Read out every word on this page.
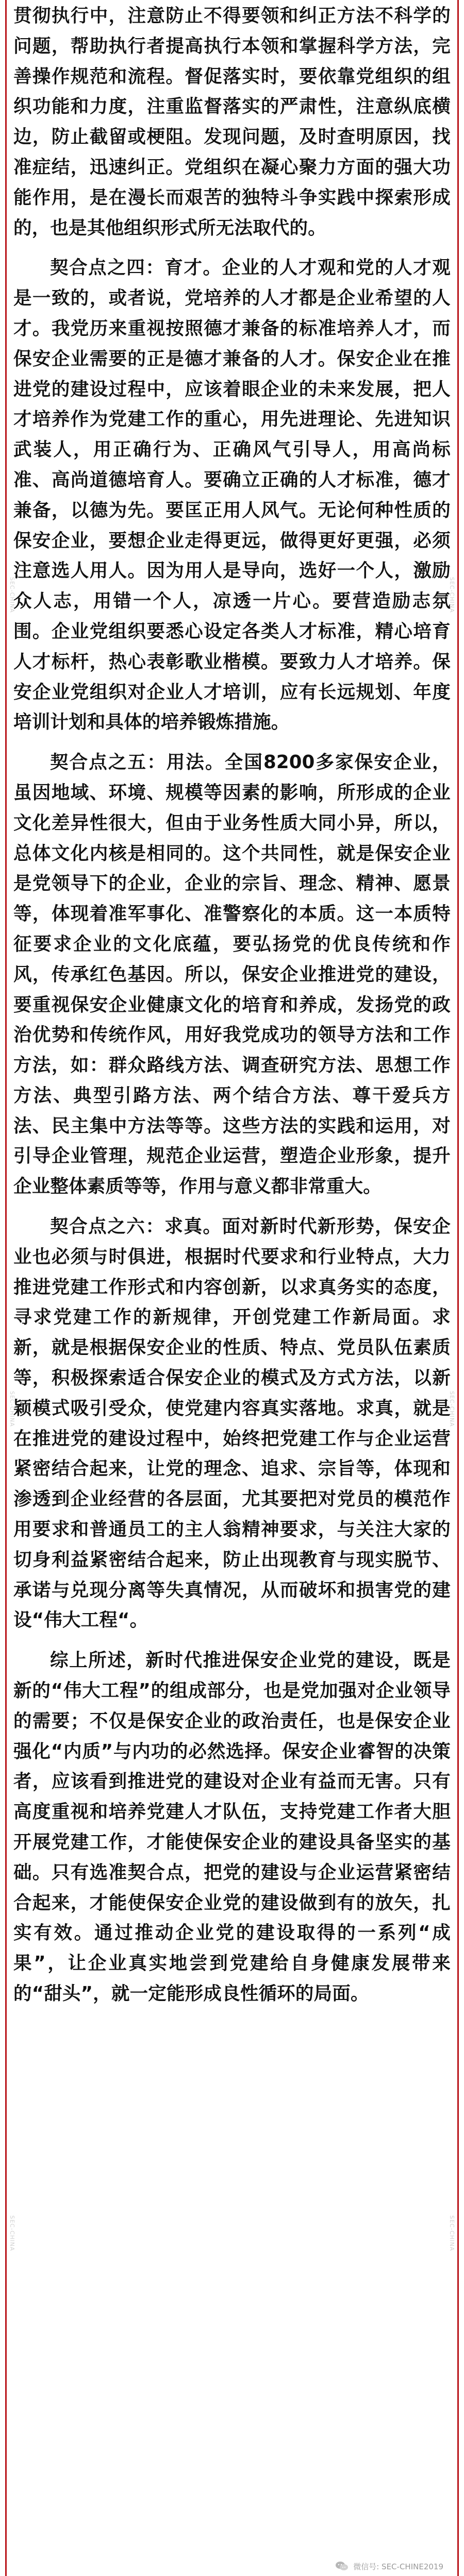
SEC-CHINA
SEC-CHINA
SEC-CHINA
SEC-CHINA
SEC-CHINA
SEC-CHINA

贯彻执行中，注意防止不得要领和纠正方法不科学的问题，帮助执行者提高执行本领和掌握科学方法，完善操作规范和流程。督促落实时，要依靠党组织的组织功能和力度，注重监督落实的严肃性，注意纵底横边，防止截留或梗阻。发现问题，及时查明原因，找准症结，迅速纠正。党组织在凝心聚力方面的强大功能作用，是在漫长而艰苦的独特斗争实践中探索形成的，也是其他组织形式所无法取代的。

契合点之四：育才。企业的人才观和党的人才观是一致的，或者说，党培养的人才都是企业希望的人才。我党历来重视按照德才兼备的标准培养人才，而保安企业需要的正是德才兼备的人才。保安企业在推进党的建设过程中，应该着眼企业的未来发展，把人才培养作为党建工作的重心，用先进理论、先进知识武装人，用正确行为、正确风气引导人，用高尚标准、高尚道德培育人。要确立正确的人才标准，德才兼备，以德为先。要匡正用人风气。无论何种性质的保安企业，要想企业走得更远，做得更好更强，必须注意选人用人。因为用人是导向，选好一个人，激励众人志，用错一个人，凉透一片心。要营造励志氛围。企业党组织要悉心设定各类人才标准，精心培育人才标杆，热心表彰歌业楷模。要致力人才培养。保安企业党组织对企业人才培训，应有长远规划、年度培训计划和具体的培养锻炼措施。

契合点之五：用法。全国8200多家保安企业，虽因地域、环境、规模等因素的影响，所形成的企业文化差异性很大，但由于业务性质大同小异，所以，总体文化内核是相同的。这个共同性，就是保安企业是党领导下的企业，企业的宗旨、理念、精神、愿景等，体现着准军事化、准警察化的本质。这一本质特征要求企业的文化底蕴，要弘扬党的优良传统和作风，传承红色基因。所以，保安企业推进党的建设，要重视保安企业健康文化的培育和养成，发扬党的政治优势和传统作风，用好我党成功的领导方法和工作方法，如：群众路线方法、调查研究方法、思想工作方法、典型引路方法、两个结合方法、尊干爱兵方法、民主集中方法等等。这些方法的实践和运用，对引导企业管理，规范企业运营，塑造企业形象，提升企业整体素质等等，作用与意义都非常重大。

契合点之六：求真。面对新时代新形势，保安企业也必须与时俱进，根据时代要求和行业特点，大力推进党建工作形式和内容创新，以求真务实的态度，寻求党建工作的新规律，开创党建工作新局面。求新，就是根据保安企业的性质、特点、党员队伍素质等，积极探索适合保安企业的模式及方式方法，以新颖模式吸引受众，使党建内容真实落地。求真，就是在推进党的建设过程中，始终把党建工作与企业运营紧密结合起来，让党的理念、追求、宗旨等，体现和渗透到企业经营的各层面，尤其要把对党员的模范作用要求和普通员工的主人翁精神要求，与关注大家的切身利益紧密结合起来，防止出现教育与现实脱节、承诺与兑现分离等失真情况，从而破坏和损害党的建设“伟大工程“。

综上所述，新时代推进保安企业党的建设，既是新的“伟大工程”的组成部分，也是党加强对企业领导的需要；不仅是保安企业的政治责任，也是保安企业强化“内质”与内功的必然选择。保安企业睿智的决策者，应该看到推进党的建设对企业有益而无害。只有高度重视和培养党建人才队伍，支持党建工作者大胆开展党建工作，才能使保安企业的建设具备坚实的基础。只有选准契合点，把党的建设与企业运营紧密结合起来，才能使保安企业党的建设做到有的放矢，扎实有效。通过推动企业党的建设取得的一系列“成果”，让企业真实地尝到党建给自身健康发展带来的“甜头”，就一定能形成良性循环的局面。

微信号: SEC-CHINE2019
